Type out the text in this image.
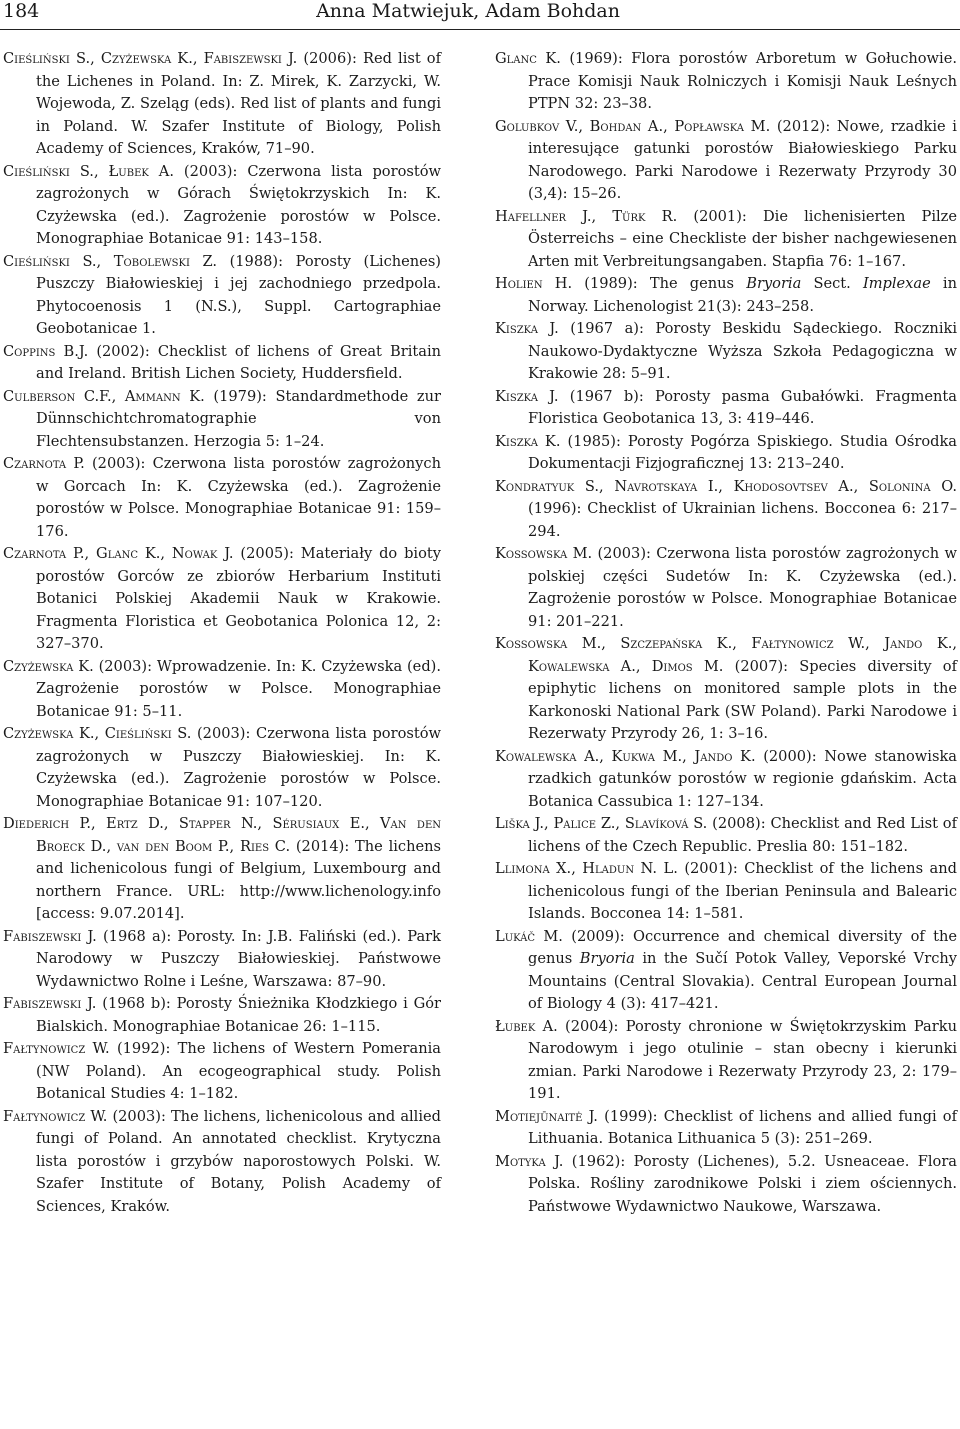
184	Anna Matwiejuk, Adam Bohdan

Cieśliński S., Czyżewska K., Fabiszewski J. (2006): Red list of the Lichenes in Poland. In: Z. Mirek, K. Zarzycki, W. Wojewoda, Z. Szeląg (eds). Red list of plants and fungi in Poland. W. Szafer Institute of Biology, Polish Academy of Sciences, Kraków, 71–90.

Cieśliński S., Łubek A. (2003): Czerwona lista porostów zagrożonych w Górach Świętokrzyskich In: K. Czyżewska (ed.). Zagrożenie porostów w Polsce. Monographiae Botanicae 91: 143–158.

Cieśliński S., Tobolewski Z. (1988): Porosty (Lichenes) Puszczy Białowieskiej i jej zachodniego przedpola. Phytocoenosis 1 (N.S.), Suppl. Cartographiae Geobotanicae 1.

Coppins B.J. (2002): Checklist of lichens of Great Britain and Ireland. British Lichen Society, Huddersfield.

Culberson C.F., Ammann K. (1979): Standardmethode zur Dünnschichtchromatographie von Flechtensubstanzen. Herzogia 5: 1–24.

Czarnota P. (2003): Czerwona lista porostów zagrożonych w Gorcach In: K. Czyżewska (ed.). Zagrożenie porostów w Polsce. Monographiae Botanicae 91: 159–176.

Czarnota P., Glanc K., Nowak J. (2005): Materiały do bioty porostów Gorców ze zbiorów Herbarium Instituti Botanici Polskiej Akademii Nauk w Krakowie. Fragmenta Floristica et Geobotanica Polonica 12, 2: 327–370.

Czyżewska K. (2003): Wprowadzenie. In: K. Czyżewska (ed). Zagrożenie porostów w Polsce. Monographiae Botanicae 91: 5–11.

Czyżewska K., Cieśliński S. (2003): Czerwona lista porostów zagrożonych w Puszczy Białowieskiej. In: K. Czyżewska (ed.). Zagrożenie porostów w Polsce. Monographiae Botanicae 91: 107–120.

Diederich P., Ertz D., Stapper N., Sérusiaux E., Van den Broeck D., van den Boom P., Ries C. (2014): The lichens and lichenicolous fungi of Belgium, Luxembourg and northern France. URL: http://www.lichenology.info [access: 9.07.2014].

Fabiszewski J. (1968 a): Porosty. In: J.B. Faliński (ed.). Park Narodowy w Puszczy Białowieskiej. Państwowe Wydawnictwo Rolne i Leśne, Warszawa: 87–90.

Fabiszewski J. (1968 b): Porosty Śnieżnika Kłodzkiego i Gór Bialskich. Monographiae Botanicae 26: 1–115.

Fałtynowicz W. (1992): The lichens of Western Pomerania (NW Poland). An ecogeographical study. Polish Botanical Studies 4: 1–182.

Fałtynowicz W. (2003): The lichens, lichenicolous and allied fungi of Poland. An annotated checklist. Krytyczna lista porostów i grzybów naporostowych Polski. W. Szafer Institute of Botany, Polish Academy of Sciences, Kraków.

Glanc K. (1969): Flora porostów Arboretum w Gołuchowie. Prace Komisji Nauk Rolniczych i Komisji Nauk Leśnych PTPN 32: 23–38.

Golubkov V., Bohdan A., Popławska M. (2012): Nowe, rzadkie i interesujące gatunki porostów Białowieskiego Parku Narodowego. Parki Narodowe i Rezerwaty Przyrody 30 (3,4): 15–26.

Hafellner J., Türk R. (2001): Die lichenisierten Pilze Österreichs – eine Checkliste der bisher nachgewiesenen Arten mit Verbreitungsangaben. Stapfia 76: 1–167.

Holien H. (1989): The genus Bryoria Sect. Implexae in Norway. Lichenologist 21(3): 243–258.

Kiszka J. (1967 a): Porosty Beskidu Sądeckiego. Roczniki Naukowo-Dydaktyczne Wyższa Szkoła Pedagogiczna w Krakowie 28: 5–91.

Kiszka J. (1967 b): Porosty pasma Gubałówki. Fragmenta Floristica Geobotanica 13, 3: 419–446.

Kiszka K. (1985): Porosty Pogórza Spiskiego. Studia Ośrodka Dokumentacji Fizjograficznej 13: 213–240.

Kondratyuk S., Navrotskaya I., Khodosovtsev A., Solonina O. (1996): Checklist of Ukrainian lichens. Bocconea 6: 217–294.

Kossowska M. (2003): Czerwona lista porostów zagrożonych w polskiej części Sudetów In: K. Czyżewska (ed.). Zagrożenie porostów w Polsce. Monographiae Botanicae 91: 201–221.

Kossowska M., Szczepańska K., Fałtynowicz W., Jando K., Kowalewska A., Dimos M. (2007): Species diversity of epiphytic lichens on monitored sample plots in the Karkonoski National Park (SW Poland). Parki Narodowe i Rezerwaty Przyrody 26, 1: 3–16.

Kowalewska A., Kukwa M., Jando K. (2000): Nowe stanowiska rzadkich gatunków porostów w regionie gdańskim. Acta Botanica Cassubica 1: 127–134.

Liška J., Palice Z., Slavíková S. (2008): Checklist and Red List of lichens of the Czech Republic. Preslia 80: 151–182.

Llimona X., Hladun N. L. (2001): Checklist of the lichens and lichenicolous fungi of the Iberian Peninsula and Balearic Islands. Bocconea 14: 1–581.

Lukáč M. (2009): Occurrence and chemical diversity of the genus Bryoria in the Sučí Potok Valley, Veporské Vrchy Mountains (Central Slovakia). Central European Journal of Biology 4 (3): 417–421.

Łubek A. (2004): Porosty chronione w Świętokrzyskim Parku Narodowym i jego otulinie – stan obecny i kierunki zmian. Parki Narodowe i Rezerwaty Przyrody 23, 2: 179–191.

Motiejūnaitė J. (1999): Checklist of lichens and allied fungi of Lithuania. Botanica Lithuanica 5 (3): 251–269.

Motyka J. (1962): Porosty (Lichenes), 5.2. Usneaceae. Flora Polska. Rośliny zarodnikowe Polski i ziem ościennych. Państwowe Wydawnictwo Naukowe, Warszawa.
